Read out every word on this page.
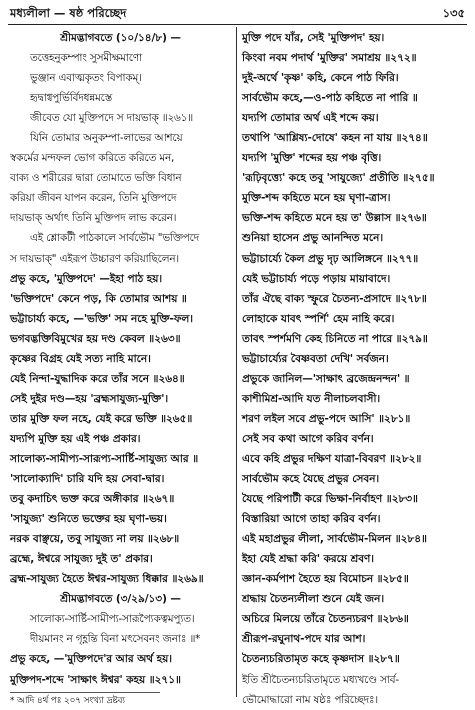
মধ্যলীলা — ষষ্ঠ পরিচ্ছেদ	১৩৫
শ্রীমদ্ভাগবতে (১০/১৪/৮) —
তত্তেহনুকম্পাং সুসমীক্ষমাণো
ভুঞ্জান এবাত্মকৃতং বিপাকম্।
হৃদ্বাগ্বপুর্ভির্বিদধন্নমস্তে
জীবেত যো মুক্তিপদে স দায়ভাক্ ॥২৬১॥
যিনি তোমার অনুকম্পা-লাভের আশয়ে
স্বকর্মের মন্দফল ভোগ করিতে করিতে মন,
বাক্য ও শরীরের দ্বারা তোমাতে ভক্তি বিধান
করিয়া জীবন যাপন করেন, তিনি মুক্তিপদে
দায়ভাক্ অর্থাৎ তিনি মুক্তিপদ লাভ করেন।
এই শ্লোকটী পাঠকালে সার্বভৌম "ভক্তিপদে
স দায়ভাক্" এইরূপ উচ্চারণ করিয়াছিলেন।
প্রভু কহে, 'মুক্তিপদে' —ইহা পাঠ হয়।
'ভক্তিপদে' কেনে পড়, কি তোমার আশয় ॥
ভট্টাচার্য্য কহে, —'ভক্তি' সম নহে মুক্তি-ফল।
ভগবদ্ভক্তিবিমুখের হয় দণ্ড কেবল ॥২৬৩॥
কৃষ্ণের বিগ্রহ যেই সত্য নাহি মানে।
যেই নিন্দা-যুদ্ধাদিক করে তাঁর সনে ॥২৬৪॥
সেই দুইর দণ্ড—হয় 'ব্রহ্মসাযুজ্য-মুক্তি'।
তার মুক্তি ফল নহে, যেই করে ভক্তি ॥২৬৫॥
যদ্যপি মুক্তি হয় এই পঞ্চ প্রকার।
সালোক্য-সামীপ্য-সারূপ্য-সার্ষ্টি-সাযুজ্য আর ॥
'সালোক্যাদি' চারি যদি হয় সেবা-দ্বার।
তবু কদাচিৎ ভক্ত করে অঙ্গীকার ॥২৬৭॥
'সাযুজ্য' শুনিতে ভক্তের হয় ঘৃণা-ভয়।
নরক বাঞ্ছয়ে, তবু সাযুজ্য না লয় ॥২৬৮॥
ব্রহ্মে, ঈশ্বরে সাযুজ্য দুই ত' প্রকার।
ব্রহ্ম-সাযুজ্য হৈতে ঈশ্বর-সাযুজ্য ধিক্কার ॥২৬৯॥
শ্রীমদ্ভাগবতে (৩/২৯/১৩) —
সালোক্য-সার্ষ্টি-সামীপ্য-সারূপ্যৈকত্বমপ্যুত।
দীয়মানং ন গৃহ্ণন্তি বিনা মৎসেবনং জনাঃ ॥*
প্রভু কহে, —'মুক্তিপদে'র আর অর্থ হয়।
মুক্তিপদ-শব্দে 'সাক্ষাৎ ঈশ্বর' কহয় ॥২৭১॥
* আদি ৪র্থ পঃ ২০৭ সংখ্যা দ্রষ্টব্য
মুক্তি পদে যাঁর, সেই 'মুক্তিপদ' হয়।
কিংবা নবম পদার্থ 'মুক্তির' সমাশ্রয় ॥২৭২॥
দুই-অর্থে 'কৃষ্ণ' কহি, কেনে পাঠ ফিরি।
সার্বভৌম কহে,—ও-পাঠ কহিতে না পারি ॥
যদ্যপি তোমার অর্থ এই শব্দে কয়।
তথাপি 'আশ্লিষ্য-দোষে' কহন না যায় ॥২৭৪॥
যদ্যপি 'মুক্তি' শব্দের হয় পঞ্চ বৃত্তি।
'রূঢ়িবৃত্ত্যে' কহে তবু 'সাযুজ্যে' প্রতীতি ॥২৭৫॥
মুক্তি-শব্দ কহিতে মনে হয় ঘৃণা-ত্রাস।
ভক্তি-শব্দ কহিতে মনে হয় ত' উল্লাস ॥২৭৬॥
শুনিয়া হাসেন প্রভু আনন্দিত মনে।
ভট্টাচার্য্যে কৈল প্রভু দৃঢ় আলিঙ্গনে ॥২৭৭॥
যেই ভট্টাচার্য্য পড়ে পড়ায় মায়াবাদে।
তাঁর ঐছে বাক্য স্ফুরে চৈতন্য-প্রসাদে ॥২৭৮॥
লোহাকে যাবৎ স্পর্শি' হেম নাহি করে।
তাবৎ স্পর্শমণি কেহ চিনিতে না পারে ॥২৭৯॥
ভট্টাচার্য্যের বৈষ্ণবতা দেখি' সর্বজন।
প্রভুকে জানিল—'সাক্ষাৎ ব্রজেন্দ্রনন্দন' ॥
কাশীমিশ্র-আদি যত নীলাচলবাসী।
শরণ লইল সবে প্রভু-পদে আসি' ॥২৮১॥
সেই সব কথা আগে করিব বর্ণন।
এবে কহি প্রভুর দক্ষিণ যাত্রা-বিবরণ ॥২৮২॥
সার্বভৌম কহে যৈছে প্রভুর সেবন।
যৈছে পরিপাটী করে ভিক্ষা-নির্বাহণ ॥২৮৩॥
বিস্তারিয়া আগে তাহা করিব বর্ণন।
এই মহাপ্রভুর লীলা, সার্বভৌম-মিলন ॥২৮৪॥
ইহা যেই শ্রদ্ধা করি' করয়ে শ্রবণ।
জ্ঞান-কর্মপাশ হৈতে হয় বিমোচন ॥২৮৫॥
শ্রদ্ধায় চৈতন্যলীলা শুনে যেই জন।
অচিরে মিলয়ে তাঁরে চৈতন্যচরণ ॥২৮৬॥
শ্রীরূপ-রঘুনাথ-পদে যার আশ।
চৈতন্যচরিতামৃত কহে কৃষ্ণদাস ॥২৮৭॥
ইতি শ্রীচৈতন্যচরিতামৃতে মধ্যখণ্ডে সার্ব-
ভৌমোদ্ধারো নাম ষষ্ঠঃ পরিচ্ছেদঃ।
